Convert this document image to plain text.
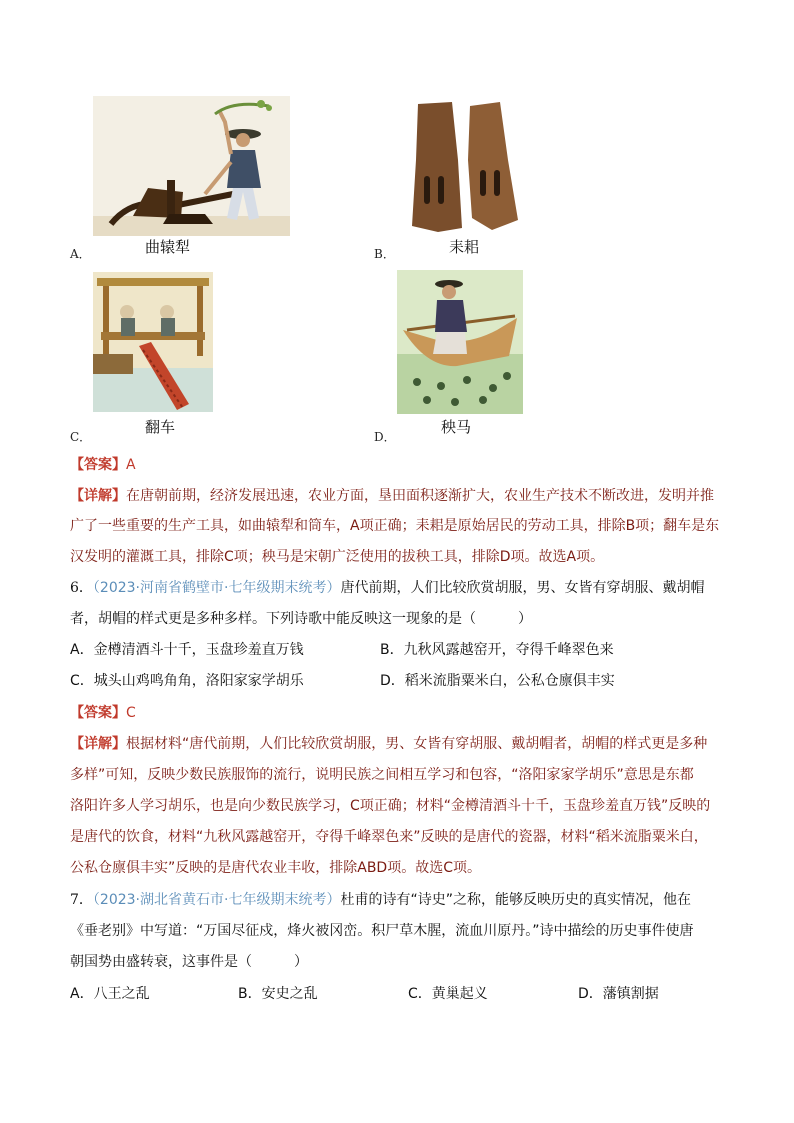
A．	曲辕犁	B．	耒耜
C．
翻车
D．
秧马
【答案】A
【详解】在唐朝前期，经济发展迅速，农业方面，垦田面积逐渐扩大，农业生产技术不断改进，发明并推
广了一些重要的生产工具，如曲辕犁和筒车，A项正确；耒耜是原始居民的劳动工具，排除B项；翻车是东
汉发明的灌溉工具，排除C项；秧马是宋朝广泛使用的拔秧工具，排除D项。故选A项。
6．（2023·河南省鹤壁市·七年级期末统考）唐代前期，人们比较欣赏胡服，男、女皆有穿胡服、戴胡帽
者，胡帽的样式更是多种多样。下列诗歌中能反映这一现象的是（　　　）
A．金樽清酒斗十千，玉盘珍羞直万钱	B．九秋风露越窑开，夺得千峰翠色来
C．城头山鸡鸣角角，洛阳家家学胡乐	D．稻米流脂粟米白，公私仓廪俱丰实
【答案】C
【详解】根据材料“唐代前期，人们比较欣赏胡服，男、女皆有穿胡服、戴胡帽者，胡帽的样式更是多种
多样”可知，反映少数民族服饰的流行，说明民族之间相互学习和包容，“洛阳家家学胡乐”意思是东都
洛阳许多人学习胡乐，也是向少数民族学习，C项正确；材料“金樽清酒斗十千，玉盘珍羞直万钱”反映的
是唐代的饮食，材料“九秋风露越窑开，夺得千峰翠色来”反映的是唐代的瓷器，材料“稻米流脂粟米白，
公私仓廪俱丰实”反映的是唐代农业丰收，排除ABD项。故选C项。
7．（2023·湖北省黄石市·七年级期末统考）杜甫的诗有“诗史”之称，能够反映历史的真实情况，他在
《垂老别》中写道：“万国尽征戍，烽火被冈峦。积尸草木腥，流血川原丹。”诗中描绘的历史事件使唐
朝国势由盛转衰，这事件是（　　　）
A．八王之乱	B．安史之乱	C．黄巢起义	D．藩镇割据
